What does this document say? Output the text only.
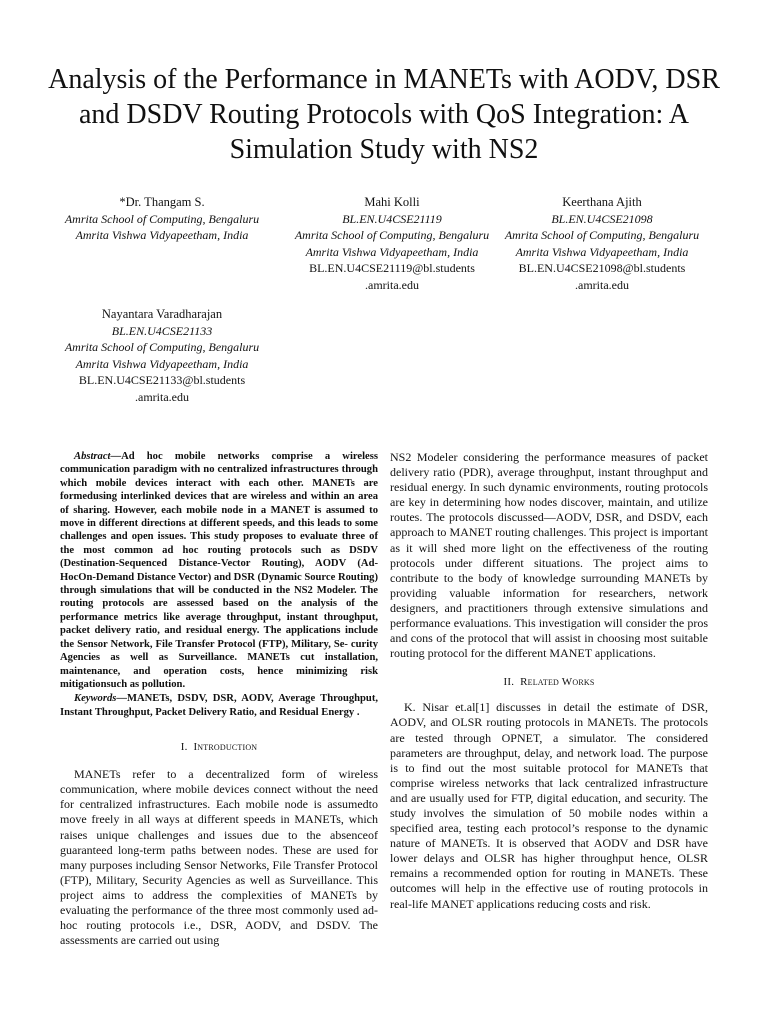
Analysis of the Performance in MANETs with AODV, DSR and DSDV Routing Protocols with QoS Integration: A Simulation Study with NS2
*Dr. Thangam S.
Amrita School of Computing, Bengaluru
Amrita Vishwa Vidyapeetham, India
Mahi Kolli
BL.EN.U4CSE21119
Amrita School of Computing, Bengaluru
Amrita Vishwa Vidyapeetham, India
BL.EN.U4CSE21119@bl.students
.amrita.edu
Keerthana Ajith
BL.EN.U4CSE21098
Amrita School of Computing, Bengaluru
Amrita Vishwa Vidyapeetham, India
BL.EN.U4CSE21098@bl.students
.amrita.edu
Nayantara Varadharajan
BL.EN.U4CSE21133
Amrita School of Computing, Bengaluru
Amrita Vishwa Vidyapeetham, India
BL.EN.U4CSE21133@bl.students
.amrita.edu

Abstract—Ad hoc mobile networks comprise a wireless communication paradigm with no centralized infrastructures through which mobile devices interact with each other. MANETs are formedusing interlinked devices that are wireless and within an area of sharing. However, each mobile node in a MANET is assumed to move in different directions at different speeds, and this leads to some challenges and open issues. This study proposes to evaluate three of the most common ad hoc routing protocols such as DSDV (Destination-Sequenced Distance-Vector Routing), AODV (Ad-HocOn-Demand Distance Vector) and DSR (Dynamic Source Routing) through simulations that will be conducted in the NS2 Modeler. The routing protocols are assessed based on the analysis of the performance metrics like average throughput, instant throughput, packet delivery ratio, and residual energy. The applications include the Sensor Network, File Transfer Protocol (FTP), Military, Se- curity Agencies as well as Surveillance. MANETs cut installation, maintenance, and operation costs, hence minimizing risk mitigationsuch as pollution.

Keywords—MANETs, DSDV, DSR, AODV, Average Throughput, Instant Throughput, Packet Delivery Ratio, and Residual Energy .

I. Introduction

MANETs refer to a decentralized form of wireless communication, where mobile devices connect without the need for centralized infrastructures. Each mobile node is assumedto move freely in all ways at different speeds in MANETs, which raises unique challenges and issues due to the absenceof guaranteed long-term paths between nodes. These are used for many purposes including Sensor Networks, File Transfer Protocol (FTP), Military, Security Agencies as well as Surveillance. This project aims to address the complexities of MANETs by evaluating the performance of the three most commonly used ad-hoc routing protocols i.e., DSR, AODV, and DSDV. The assessments are carried out using

NS2 Modeler considering the performance measures of packet delivery ratio (PDR), average throughput, instant throughput and residual energy. In such dynamic environments, routing protocols are key in determining how nodes discover, maintain, and utilize routes. The protocols discussed—AODV, DSR, and DSDV, each approach to MANET routing challenges. This project is important as it will shed more light on the effectiveness of the routing protocols under different situations. The project aims to contribute to the body of knowledge surrounding MANETs by providing valuable information for researchers, network designers, and practitioners through extensive simulations and performance evaluations. This investigation will consider the pros and cons of the protocol that will assist in choosing most suitable routing protocol for the different MANET applications.

II. Related Works

K. Nisar et.al[1] discusses in detail the estimate of DSR, AODV, and OLSR routing protocols in MANETs. The protocols are tested through OPNET, a simulator. The considered parameters are throughput, delay, and network load. The purpose is to find out the most suitable protocol for MANETs that comprise wireless networks that lack centralized infrastructure and are usually used for FTP, digital education, and security. The study involves the simulation of 50 mobile nodes within a specified area, testing each protocol’s response to the dynamic nature of MANETs. It is observed that AODV and DSR have lower delays and OLSR has higher throughput hence, OLSR remains a recommended option for routing in MANETs. These outcomes will help in the effective use of routing protocols in real-life MANET applications reducing costs and risk.
